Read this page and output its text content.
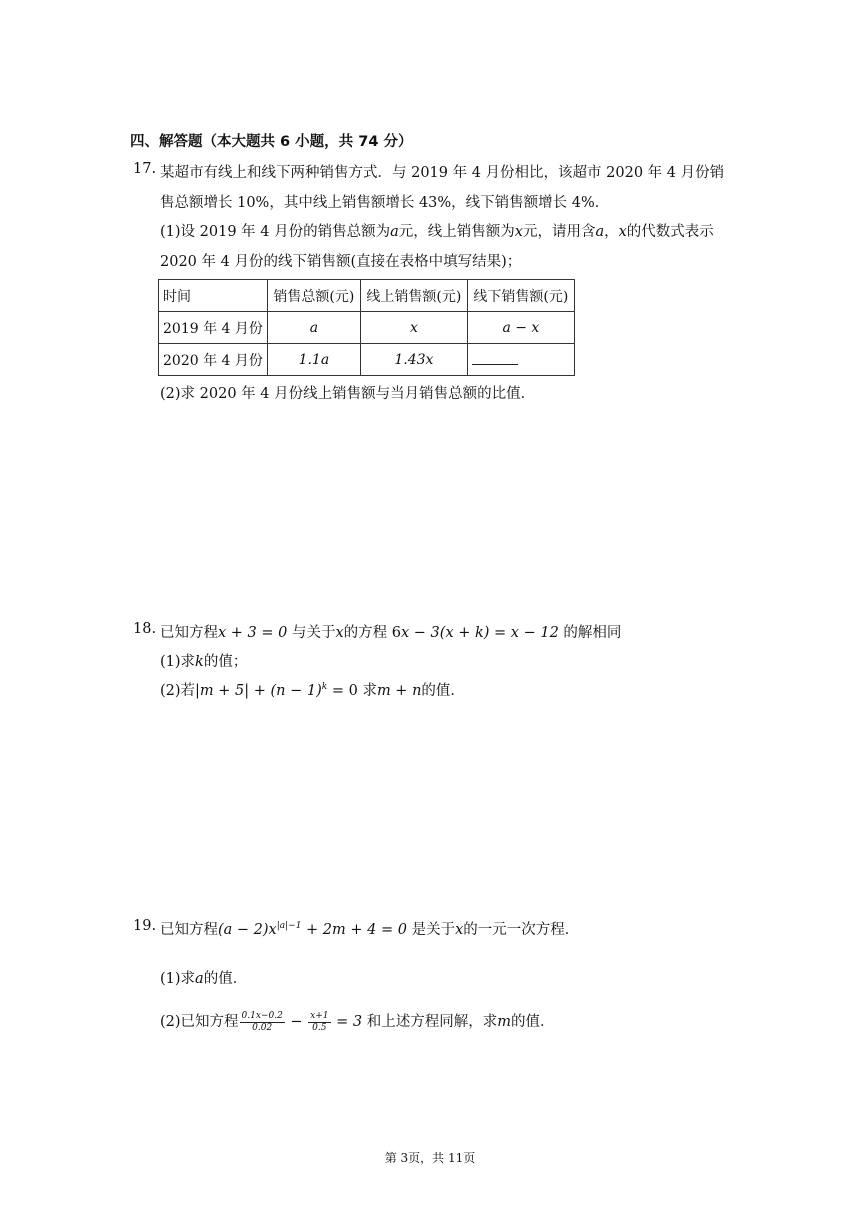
四、解答题（本大题共 6 小题，共 74 分）
17. 某超市有线上和线下两种销售方式．与 2019 年 4 月份相比，该超市 2020 年 4 月份销
售总额增长 10%，其中线上销售额增长 43%，线下销售额增长 4%．
(1)设 2019 年 4 月份的销售总额为a元，线上销售额为x元，请用含a，x的代数式表示
2020 年 4 月份的线下销售额(直接在表格中填写结果)；
时间	销售总额(元)	线上销售额(元)	线下销售额(元)
2019 年 4 月份	a	x	a − x
2020 年 4 月份	1.1a	1.43x	
(2)求 2020 年 4 月份线上销售额与当月销售总额的比值．
18. 已知方程x + 3 = 0 与关于x的方程 6x − 3(x + k) = x − 12 的解相同
(1)求k的值；
(2)若$|m + 5| + (n - 1)^k = 0$ 求m + n的值．
19. 已知方程$(a - 2)x^{|a|-1} + 2m + 4 = 0$ 是关于x的一元一次方程．
(1)求a的值．
(2)已知方程 $\frac{0.1x-0.2}{0.02} - \frac{x+1}{0.5} = 3$ 和上述方程同解，求m的值．
第 3页，共 11页
